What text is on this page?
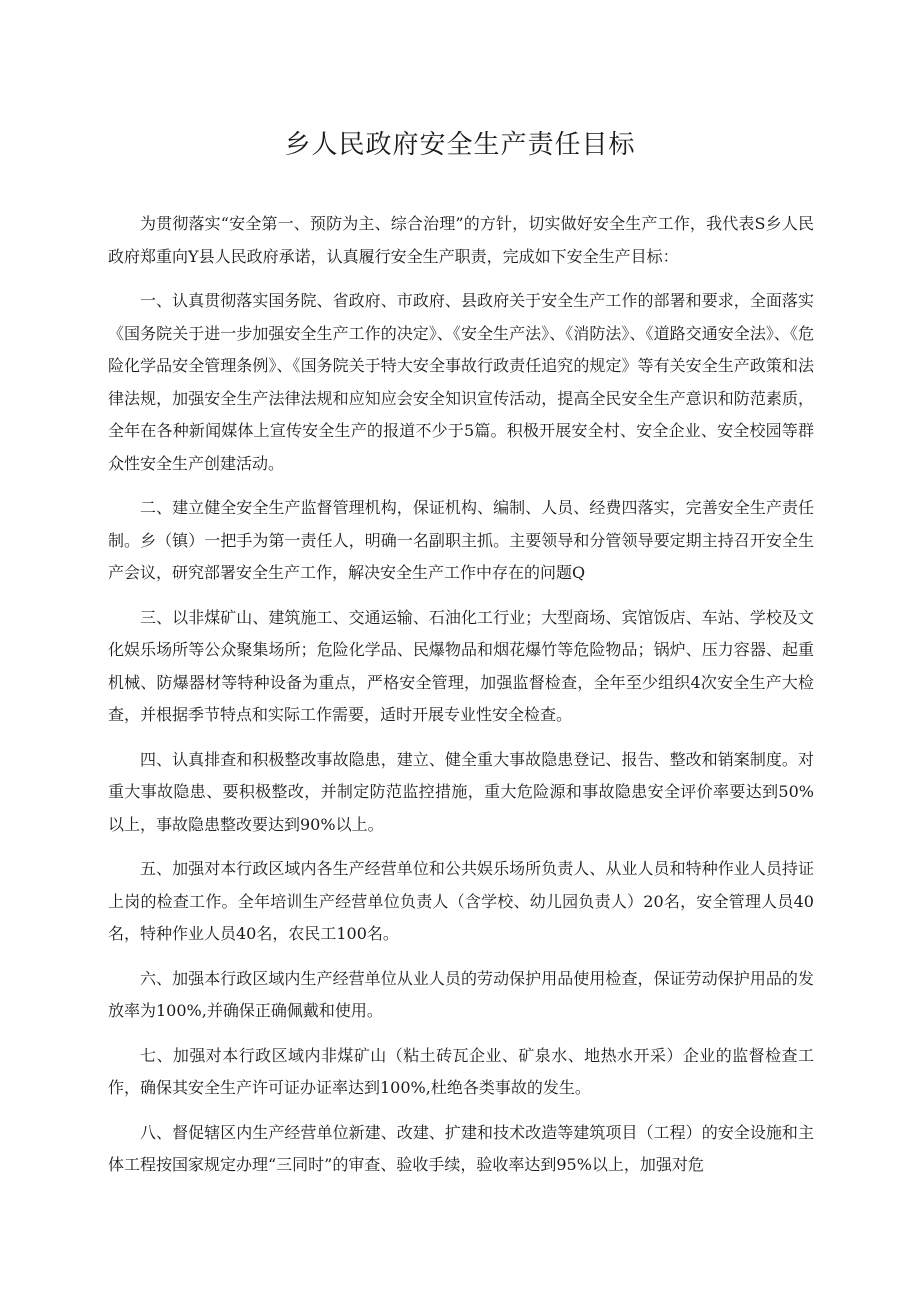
乡人民政府安全生产责任目标

为贯彻落实“安全第一、预防为主、综合治理”的方针，切实做好安全生产工作，我代表S乡人民政府郑重向Y县人民政府承诺，认真履行安全生产职责，完成如下安全生产目标：

一、认真贯彻落实国务院、省政府、市政府、县政府关于安全生产工作的部署和要求，全面落实《国务院关于进一步加强安全生产工作的决定》、《安全生产法》、《消防法》、《道路交通安全法》、《危险化学品安全管理条例》、《国务院关于特大安全事故行政责任追究的规定》等有关安全生产政策和法律法规，加强安全生产法律法规和应知应会安全知识宣传活动，提高全民安全生产意识和防范素质，全年在各种新闻媒体上宣传安全生产的报道不少于5篇。积极开展安全村、安全企业、安全校园等群众性安全生产创建活动。

二、建立健全安全生产监督管理机构，保证机构、编制、人员、经费四落实，完善安全生产责任制。乡（镇）一把手为第一责任人，明确一名副职主抓。主要领导和分管领导要定期主持召开安全生产会议，研究部署安全生产工作，解决安全生产工作中存在的问题Q

三、以非煤矿山、建筑施工、交通运输、石油化工行业；大型商场、宾馆饭店、车站、学校及文化娱乐场所等公众聚集场所；危险化学品、民爆物品和烟花爆竹等危险物品；锅炉、压力容器、起重机械、防爆器材等特种设备为重点，严格安全管理，加强监督检查，全年至少组织4次安全生产大检查，并根据季节特点和实际工作需要，适时开展专业性安全检查。

四、认真排查和积极整改事故隐患，建立、健全重大事故隐患登记、报告、整改和销案制度。对重大事故隐患、要积极整改，并制定防范监控措施，重大危险源和事故隐患安全评价率要达到50%以上，事故隐患整改要达到90%以上。

五、加强对本行政区域内各生产经营单位和公共娱乐场所负责人、从业人员和特种作业人员持证上岗的检查工作。全年培训生产经营单位负责人（含学校、幼儿园负责人）20名，安全管理人员40名，特种作业人员40名，农民工100名。

六、加强本行政区域内生产经营单位从业人员的劳动保护用品使用检查，保证劳动保护用品的发放率为100%,并确保正确佩戴和使用。

七、加强对本行政区域内非煤矿山（粘土砖瓦企业、矿泉水、地热水开采）企业的监督检查工作，确保其安全生产许可证办证率达到100%,杜绝各类事故的发生。

八、督促辖区内生产经营单位新建、改建、扩建和技术改造等建筑项目（工程）的安全设施和主体工程按国家规定办理“三同时”的审查、验收手续，验收率达到95%以上，加强对危
